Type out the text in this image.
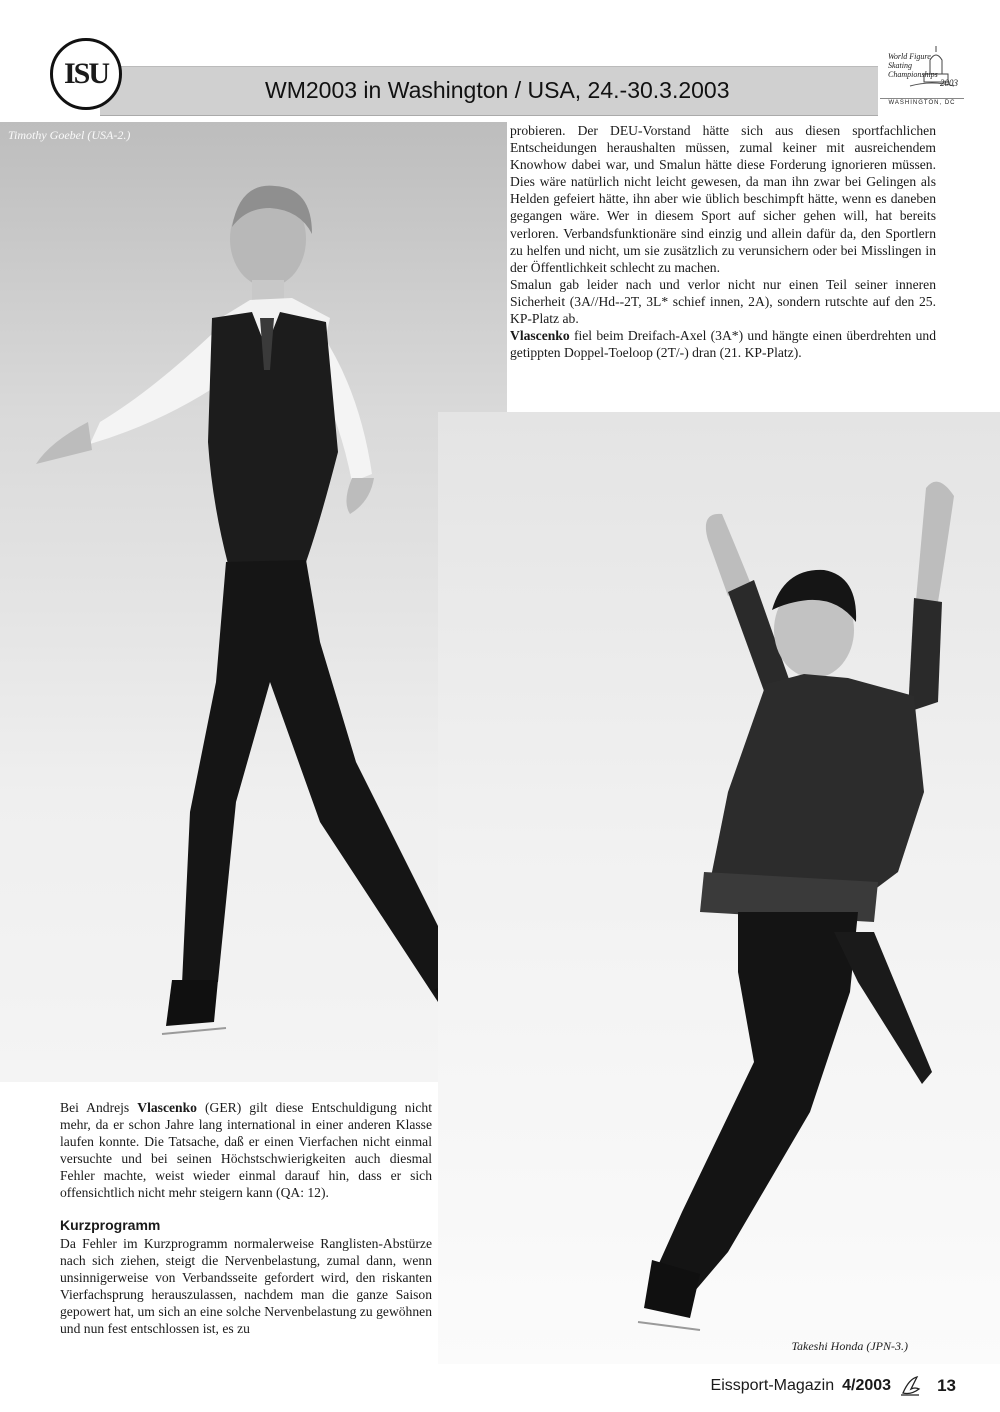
WM2003 in Washington / USA, 24.-30.3.2003
ISU
World Figure Skating Championships
2003
WASHINGTON, DC
Timothy Goebel (USA-2.)
Takeshi Honda (JPN-3.)

probieren. Der DEU-Vorstand hätte sich aus diesen sportfachlichen Entscheidungen heraushalten müssen, zumal keiner mit ausreichendem Knowhow dabei war, und Smalun hätte diese Forderung ignorieren müssen. Dies wäre natürlich nicht leicht gewesen, da man ihn zwar bei Gelingen als Helden gefeiert hätte, ihn aber wie üblich beschimpft hätte, wenn es daneben gegangen wäre. Wer in diesem Sport auf sicher gehen will, hat bereits verloren. Verbandsfunktionäre sind einzig und allein dafür da, den Sportlern zu helfen und nicht, um sie zusätzlich zu verunsichern oder bei Misslingen in der Öffentlichkeit schlecht zu machen.

Smalun gab leider nach und verlor nicht nur einen Teil seiner inneren Sicherheit (3A//Hd--2T, 3L* schief innen, 2A), sondern rutschte auf den 25. KP-Platz ab.

Vlascenko fiel beim Dreifach-Axel (3A*) und hängte einen überdrehten und getippten Doppel-Toeloop (2T/-) dran (21. KP-Platz).

Bei Andrejs Vlascenko (GER) gilt diese Entschuldigung nicht mehr, da er schon Jahre lang international in einer anderen Klasse laufen konnte. Die Tatsache, daß er einen Vierfachen nicht einmal versuchte und bei seinen Höchstschwierigkeiten auch diesmal Fehler machte, weist wieder einmal darauf hin, dass er sich offensichtlich nicht mehr steigern kann (QA: 12).

Kurzprogramm

Da Fehler im Kurzprogramm normalerweise Ranglisten-Abstürze nach sich ziehen, steigt die Nervenbelastung, zumal dann, wenn unsinnigerweise von Verbandsseite gefordert wird, den riskanten Vierfachsprung herauszulassen, nachdem man die ganze Saison gepowert hat, um sich an eine solche Nervenbelastung zu gewöhnen und nun fest entschlossen ist, es zu

Eissport-Magazin 4/2003	13
